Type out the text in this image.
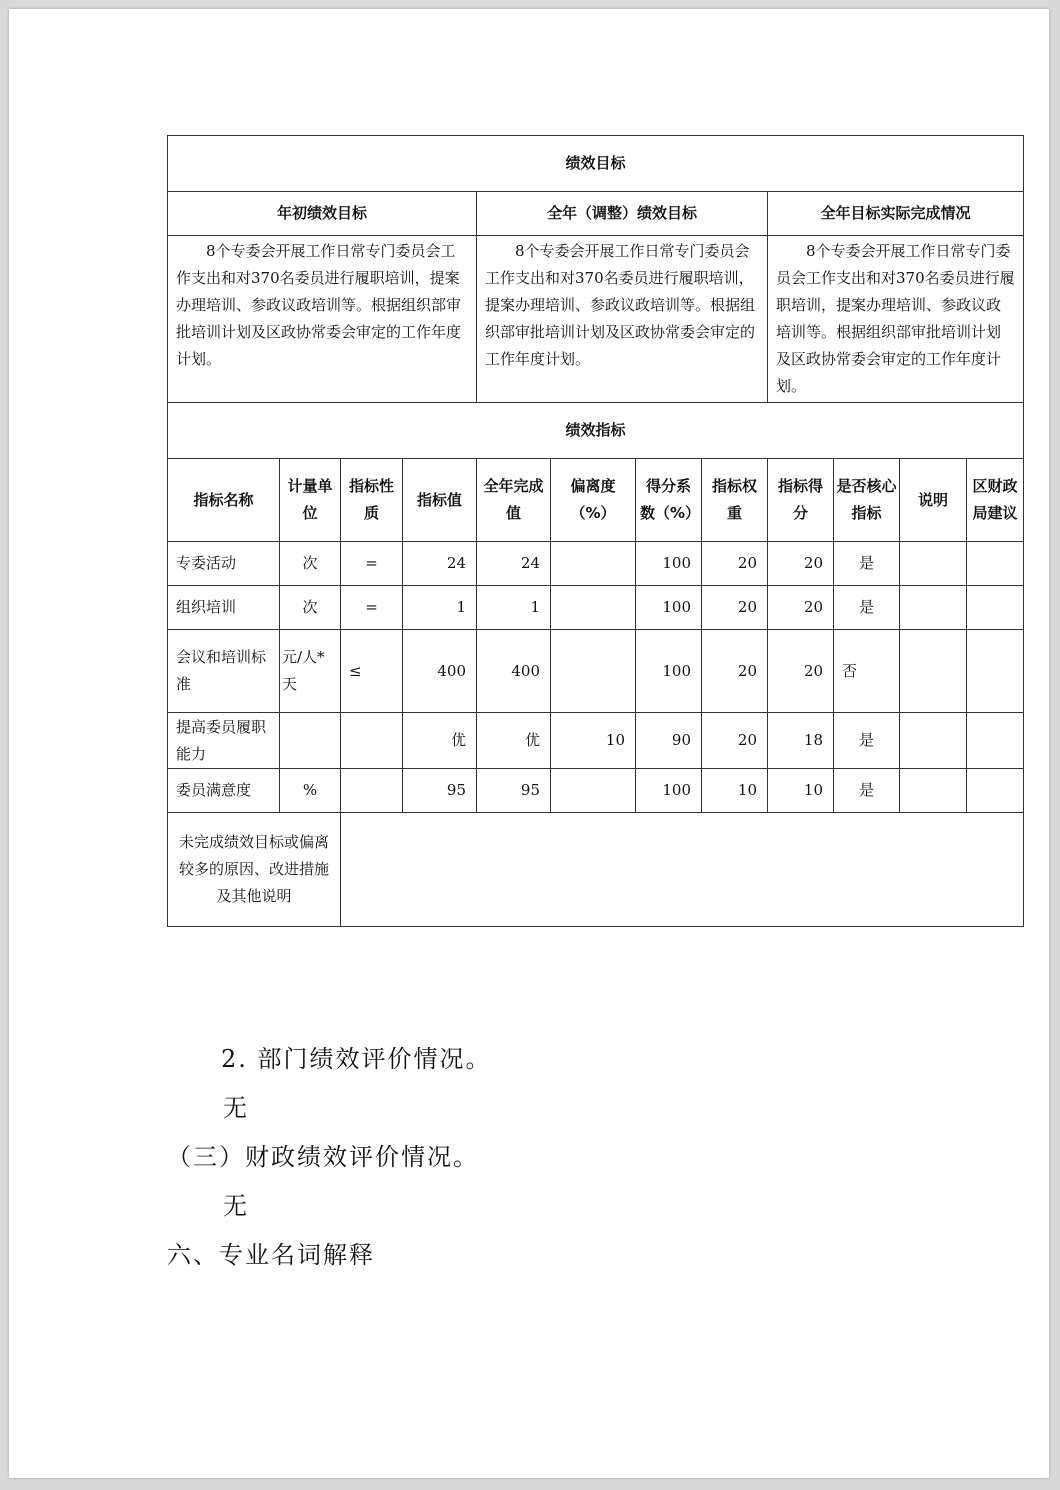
绩效目标											
年初绩效目标				全年（调整）绩效目标				全年目标实际完成情况			
8个专委会开展工作日常专门委员会工作支出和对370名委员进行履职培训，提案办理培训、参政议政培训等。根据组织部审批培训计划及区政协常委会审定的工作年度计划。				8个专委会开展工作日常专门委员会工作支出和对370名委员进行履职培训，提案办理培训、参政议政培训等。根据组织部审批培训计划及区政协常委会审定的工作年度计划。				8个专委会开展工作日常专门委员会工作支出和对370名委员进行履职培训，提案办理培训、参政议政培训等。根据组织部审批培训计划及区政协常委会审定的工作年度计划。			
绩效指标											
指标名称	计量单位	指标性质	指标值	全年完成值	偏离度（%）	得分系数（%）	指标权重	指标得分	是否核心指标	说明	区财政局建议
专委活动	次	=	24	24		100	20	20	是		
组织培训	次	=	1	1		100	20	20	是		
会议和培训标准	元/人*天	≤	400	400		100	20	20	否		
提高委员履职能力			优	优	10	90	20	18	是		
委员满意度	%		95	95		100	10	10	是		
未完成绩效目标或偏离较多的原因、改进措施及其他说明											
2. 部门绩效评价情况。
无
（三）财政绩效评价情况。
无
六、专业名词解释
